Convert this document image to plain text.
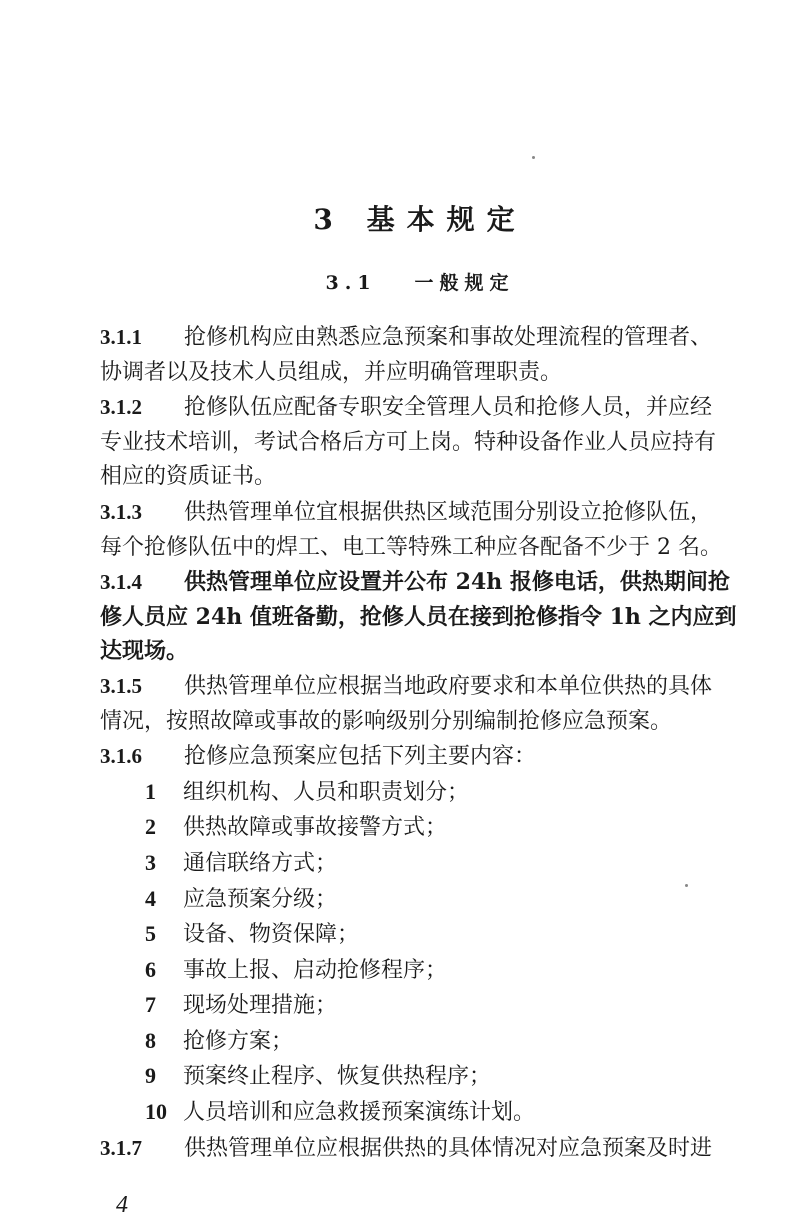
3 基本规定
3.1 一般规定
3.1.1 抢修机构应由熟悉应急预案和事故处理流程的管理者、
协调者以及技术人员组成，并应明确管理职责。
3.1.2 抢修队伍应配备专职安全管理人员和抢修人员，并应经
专业技术培训，考试合格后方可上岗。特种设备作业人员应持有
相应的资质证书。
3.1.3 供热管理单位宜根据供热区域范围分别设立抢修队伍，
每个抢修队伍中的焊工、电工等特殊工种应各配备不少于 2 名。
3.1.4 供热管理单位应设置并公布 24h 报修电话，供热期间抢
修人员应 24h 值班备勤，抢修人员在接到抢修指令 1h 之内应到
达现场。
3.1.5 供热管理单位应根据当地政府要求和本单位供热的具体
情况，按照故障或事故的影响级别分别编制抢修应急预案。
3.1.6 抢修应急预案应包括下列主要内容：
1 组织机构、人员和职责划分；
2 供热故障或事故接警方式；
3 通信联络方式；
4 应急预案分级；
5 设备、物资保障；
6 事故上报、启动抢修程序；
7 现场处理措施；
8 抢修方案；
9 预案终止程序、恢复供热程序；
10 人员培训和应急救援预案演练计划。
3.1.7 供热管理单位应根据供热的具体情况对应急预案及时进
4
